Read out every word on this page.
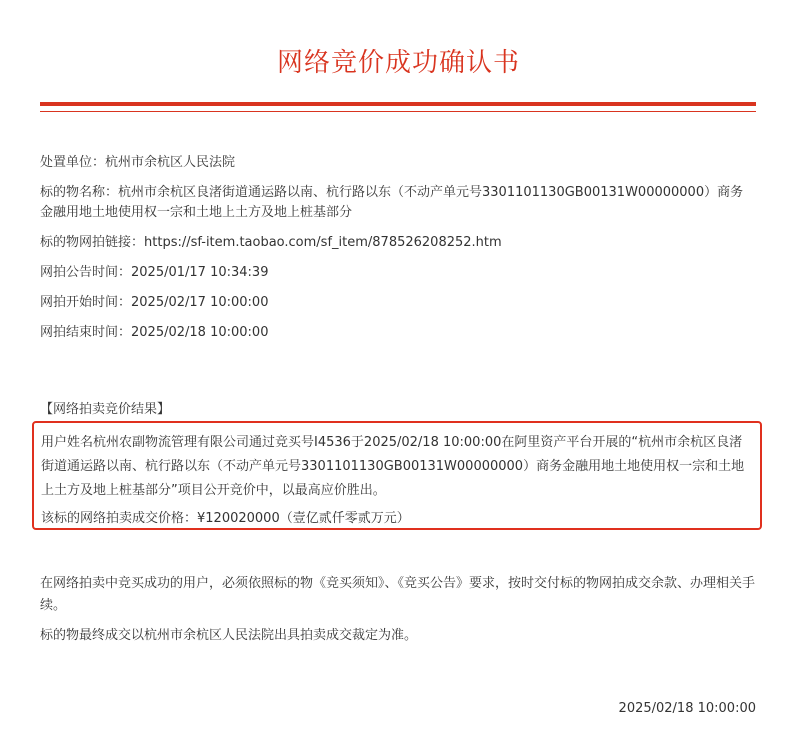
网络竞价成功确认书

处置单位：杭州市余杭区人民法院

标的物名称：杭州市余杭区良渚街道通运路以南、杭行路以东（不动产单元号3301101130GB00131W00000000）商务金融用地土地使用权一宗和土地上土方及地上桩基部分

标的物网拍链接：https://sf-item.taobao.com/sf_item/878526208252.htm

网拍公告时间：2025/01/17 10:34:39

网拍开始时间：2025/02/17 10:00:00

网拍结束时间：2025/02/18 10:00:00

【网络拍卖竞价结果】

用户姓名杭州农副物流管理有限公司通过竞买号I4536于2025/02/18 10:00:00在阿里资产平台开展的“杭州市余杭区良渚街道通运路以南、杭行路以东（不动产单元号3301101130GB00131W00000000）商务金融用地土地使用权一宗和土地上土方及地上桩基部分”项目公开竞价中，以最高应价胜出。

该标的网络拍卖成交价格：¥120020000（壹亿贰仟零贰万元）

在网络拍卖中竞买成功的用户，必须依照标的物《竞买须知》、《竞买公告》要求，按时交付标的物网拍成交余款、办理相关手续。

标的物最终成交以杭州市余杭区人民法院出具拍卖成交裁定为准。

2025/02/18 10:00:00
